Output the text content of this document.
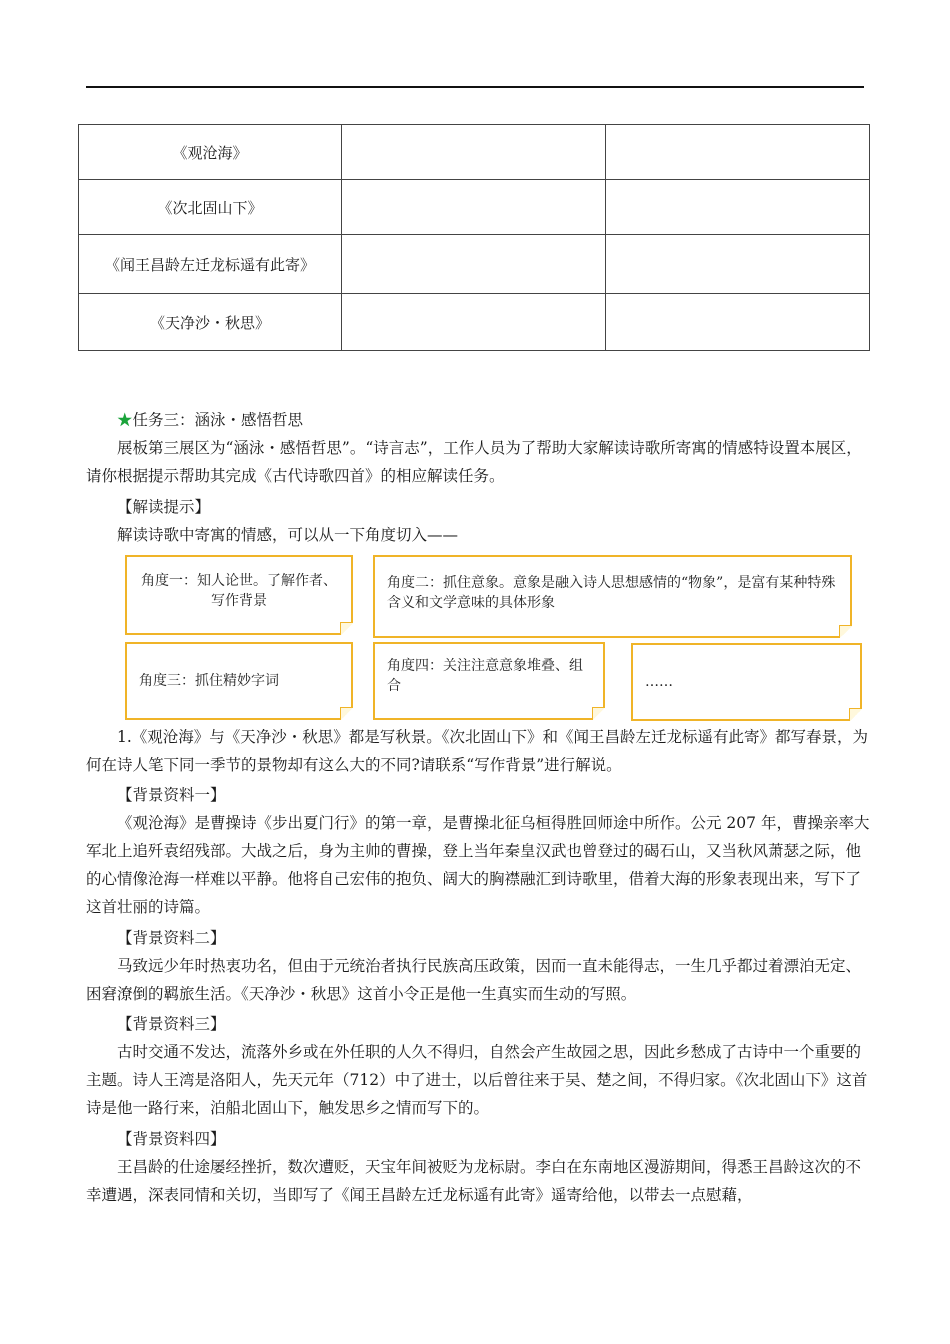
《观沧海》		
《次北固山下》		
《闻王昌龄左迁龙标遥有此寄》		
《天净沙・秋思》		

★任务三：涵泳・感悟哲思

展板第三展区为“涵泳・感悟哲思”。“诗言志”，工作人员为了帮助大家解读诗歌所寄寓的情感特设置本展区，请你根据提示帮助其完成《古代诗歌四首》的相应解读任务。

【解读提示】

解读诗歌中寄寓的情感，可以从一下角度切入——

角度一：知人论世。了解作者、写作背景
角度二：抓住意象。意象是融入诗人思想感情的“物象”，是富有某种特殊含义和文学意味的具体形象
角度三：抓住精妙字词
角度四：关注注意意象堆叠、组合	……

1.《观沧海》与《天净沙・秋思》都是写秋景。《次北固山下》和《闻王昌龄左迁龙标遥有此寄》都写春景，为何在诗人笔下同一季节的景物却有这么大的不同?请联系“写作背景”进行解说。

【背景资料一】

《观沧海》是曹操诗《步出夏门行》的第一章，是曹操北征乌桓得胜回师途中所作。公元 207 年，曹操亲率大军北上追歼袁绍残部。大战之后，身为主帅的曹操，登上当年秦皇汉武也曾登过的碣石山，又当秋风萧瑟之际，他的心情像沧海一样难以平静。他将自己宏伟的抱负、阔大的胸襟融汇到诗歌里，借着大海的形象表现出来，写下了这首壮丽的诗篇。

【背景资料二】

马致远少年时热衷功名，但由于元统治者执行民族高压政策，因而一直未能得志，一生几乎都过着漂泊无定、困窘潦倒的羁旅生活。《天净沙・秋思》这首小令正是他一生真实而生动的写照。

【背景资料三】

古时交通不发达，流落外乡或在外任职的人久不得归，自然会产生故园之思，因此乡愁成了古诗中一个重要的主题。诗人王湾是洛阳人，先天元年（712）中了进士，以后曾往来于吴、楚之间，不得归家。《次北固山下》这首诗是他一路行来，泊船北固山下，触发思乡之情而写下的。

【背景资料四】

王昌龄的仕途屡经挫折，数次遭贬，天宝年间被贬为龙标尉。李白在东南地区漫游期间，得悉王昌龄这次的不幸遭遇，深表同情和关切，当即写了《闻王昌龄左迁龙标遥有此寄》遥寄给他，以带去一点慰藉，
